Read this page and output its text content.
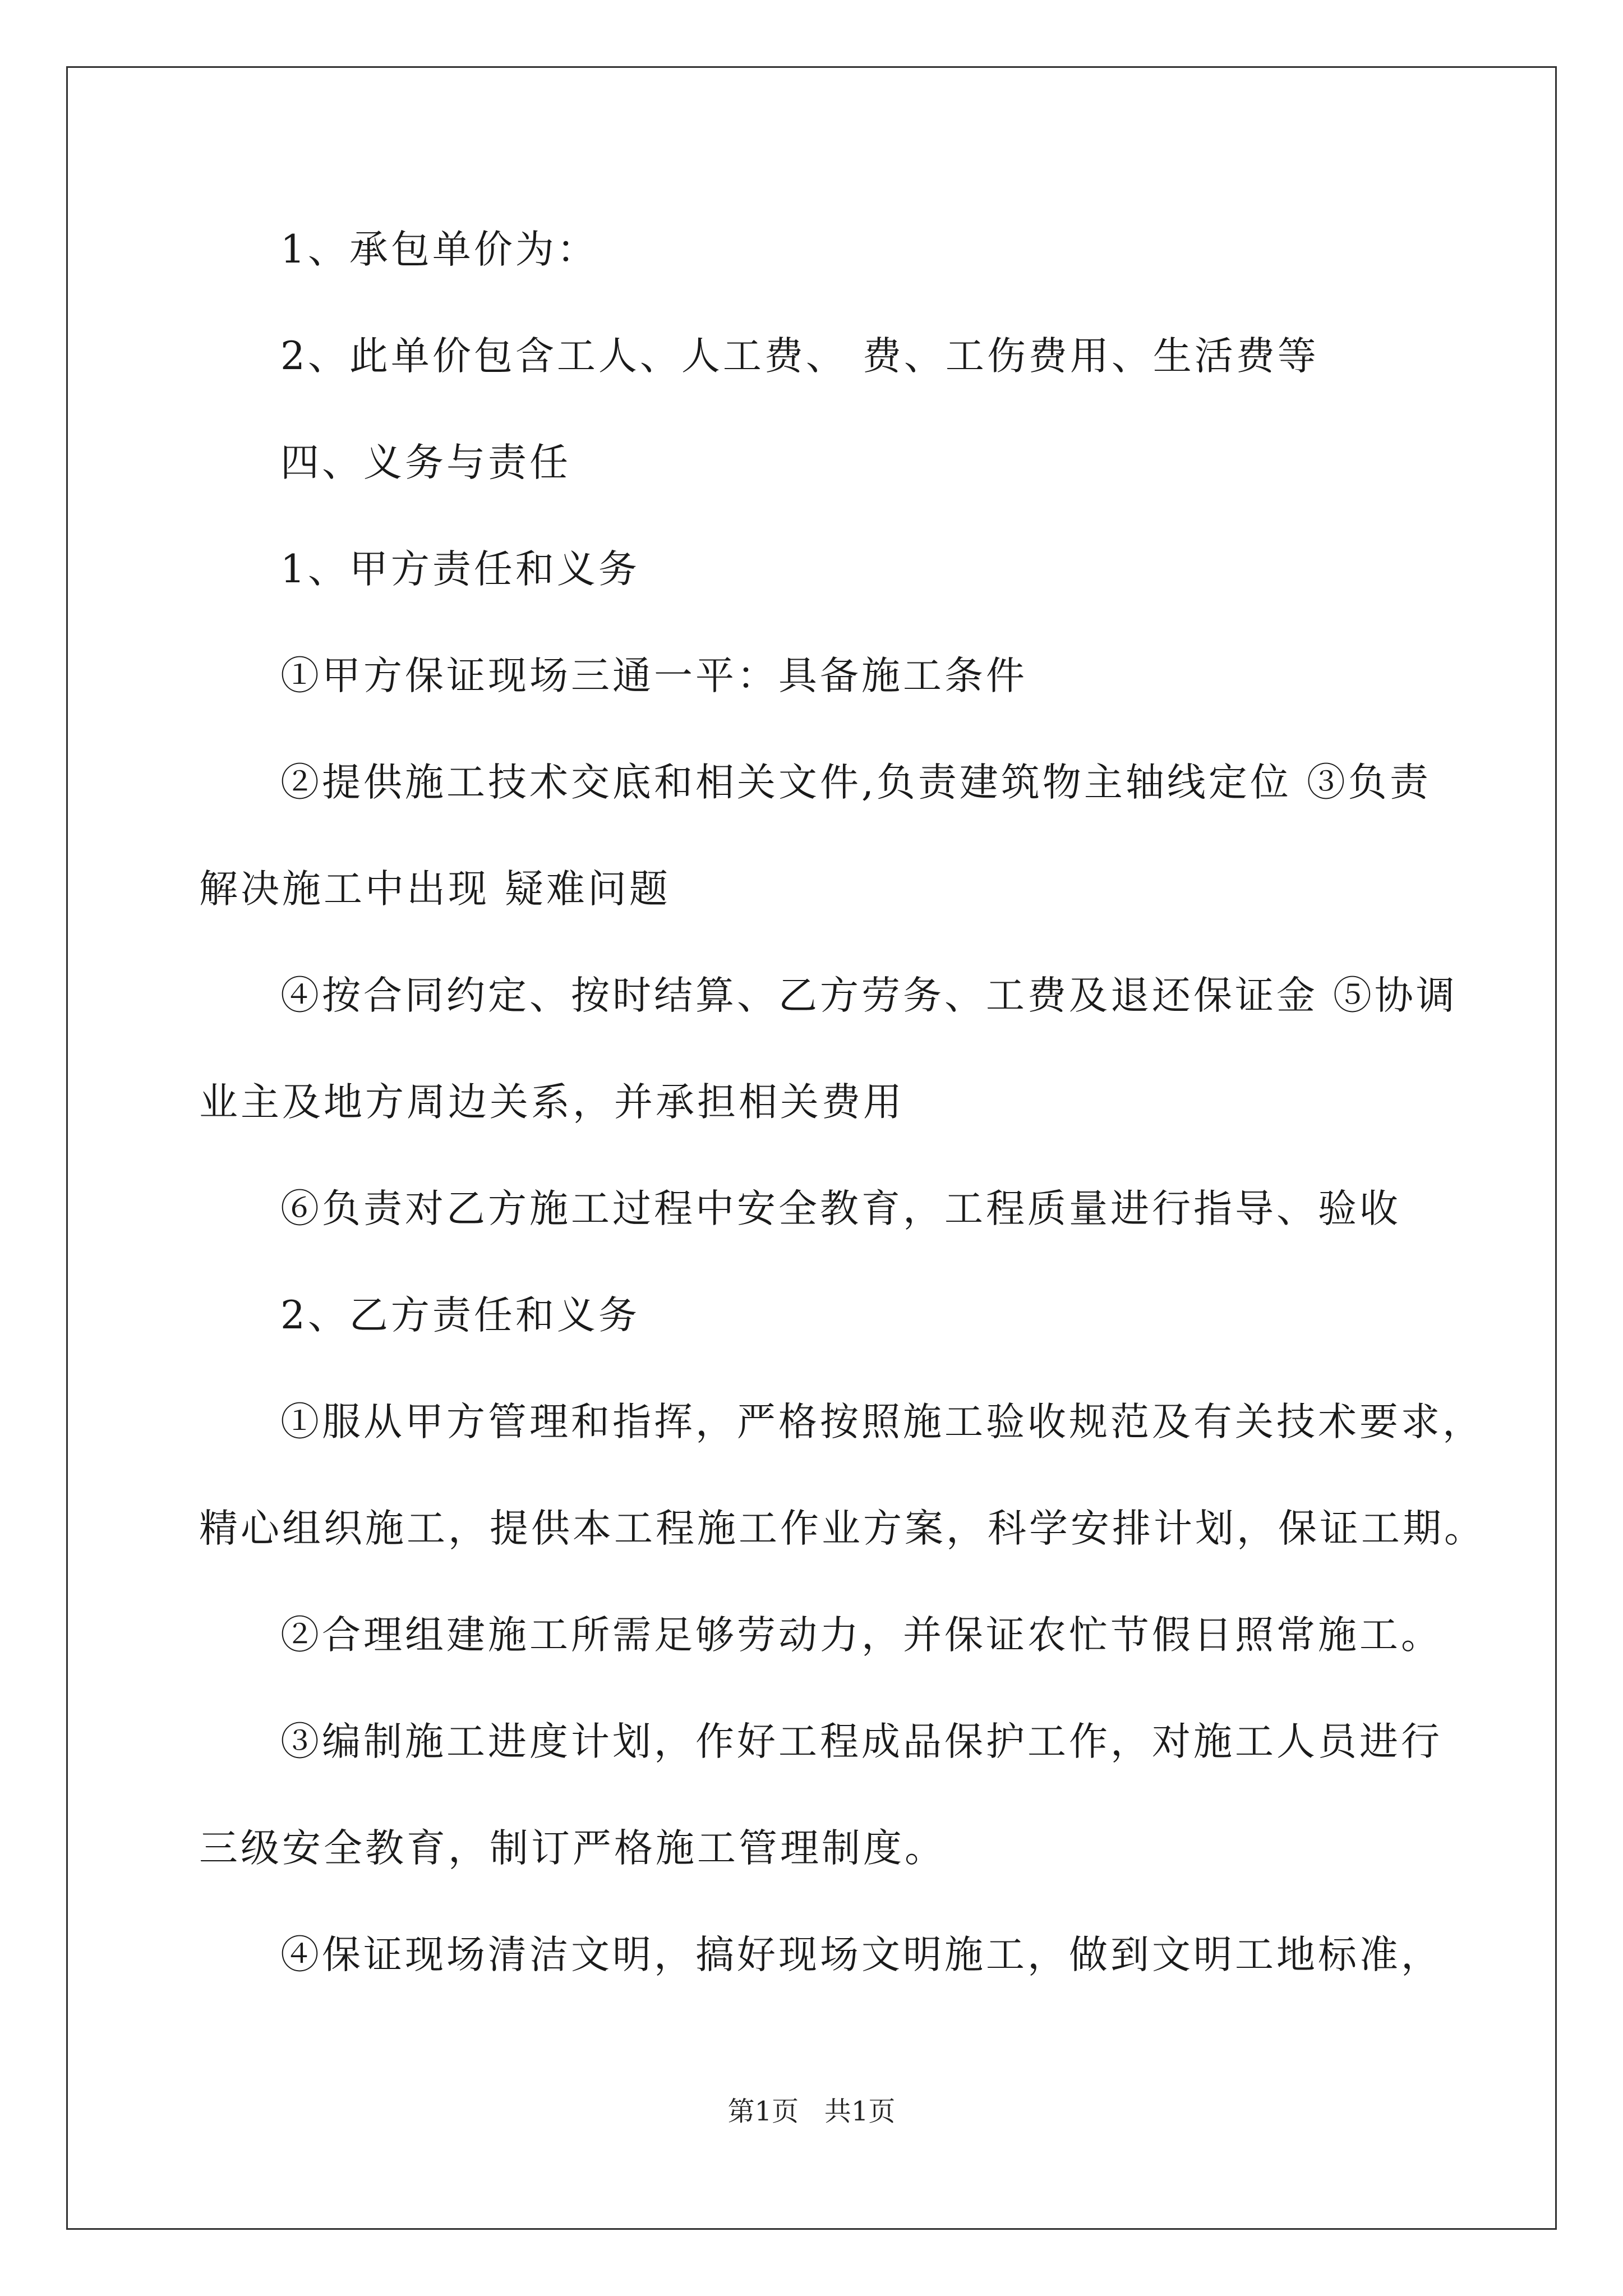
1、承包单价为：
2、此单价包含工人、人工费、 费、工伤费用、生活费等
四、义务与责任
1、甲方责任和义务
①甲方保证现场三通一平：具备施工条件
②提供施工技术交底和相关文件,负责建筑物主轴线定位 ③负责
解决施工中出现 疑难问题
④按合同约定、按时结算、乙方劳务、工费及退还保证金 ⑤协调
业主及地方周边关系，并承担相关费用
⑥负责对乙方施工过程中安全教育，工程质量进行指导、验收
2、乙方责任和义务
①服从甲方管理和指挥，严格按照施工验收规范及有关技术要求，
精心组织施工，提供本工程施工作业方案，科学安排计划，保证工期。
②合理组建施工所需足够劳动力，并保证农忙节假日照常施工。
③编制施工进度计划，作好工程成品保护工作，对施工人员进行
三级安全教育，制订严格施工管理制度。
④保证现场清洁文明，搞好现场文明施工，做到文明工地标准，
第1页   共1页
